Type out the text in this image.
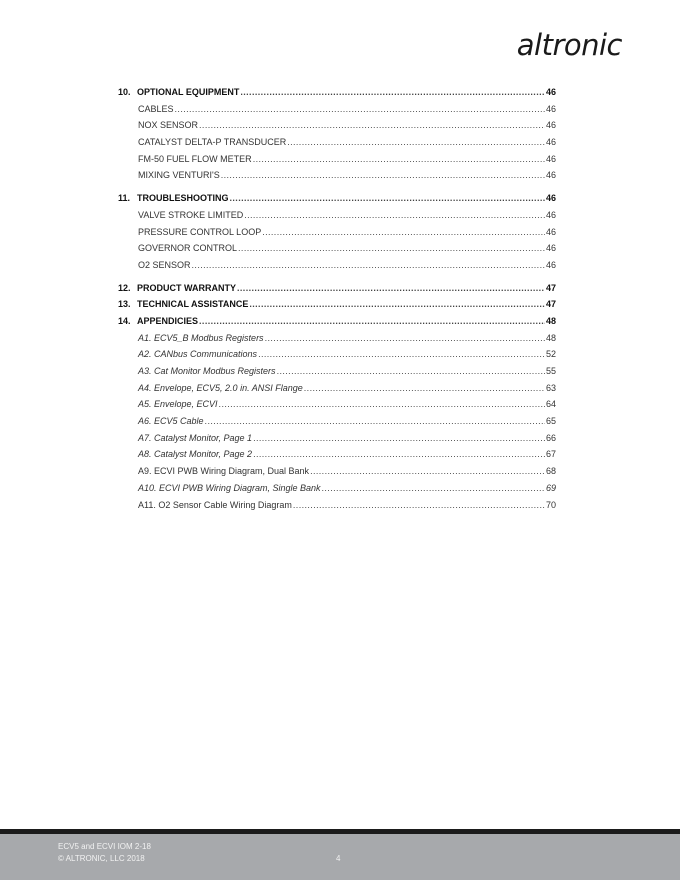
altronic
10. OPTIONAL EQUIPMENT .....	46
CABLES .....	46
NOX SENSOR .....	46
CATALYST DELTA-P TRANSDUCER .....	46
FM-50 FUEL FLOW METER .....	46
MIXING VENTURI'S .....	46
11. TROUBLESHOOTING .....	46
VALVE STROKE LIMITED .....	46
PRESSURE CONTROL LOOP .....	46
GOVERNOR CONTROL .....	46
O2 SENSOR .....	46
12. PRODUCT WARRANTY .....	47
13. TECHNICAL ASSISTANCE .....	47
14. APPENDICIES .....	48
A1. ECV5_B Modbus Registers .....	48
A2. CANbus Communications .....	52
A3. Cat Monitor Modbus Registers .....	55
A4. Envelope, ECV5, 2.0 in. ANSI Flange .....	63
A5. Envelope, ECVI .....	64
A6. ECV5 Cable .....	65
A7. Catalyst Monitor, Page 1 .....	66
A8. Catalyst Monitor, Page 2 .....	67
A9. ECVI PWB Wiring Diagram, Dual Bank .....	68
A10. ECVI PWB Wiring Diagram, Single Bank .....	69
A11. O2 Sensor Cable Wiring Diagram .....	70
ECV5 and ECVI IOM 2-18
© ALTRONIC, LLC 2018	4
